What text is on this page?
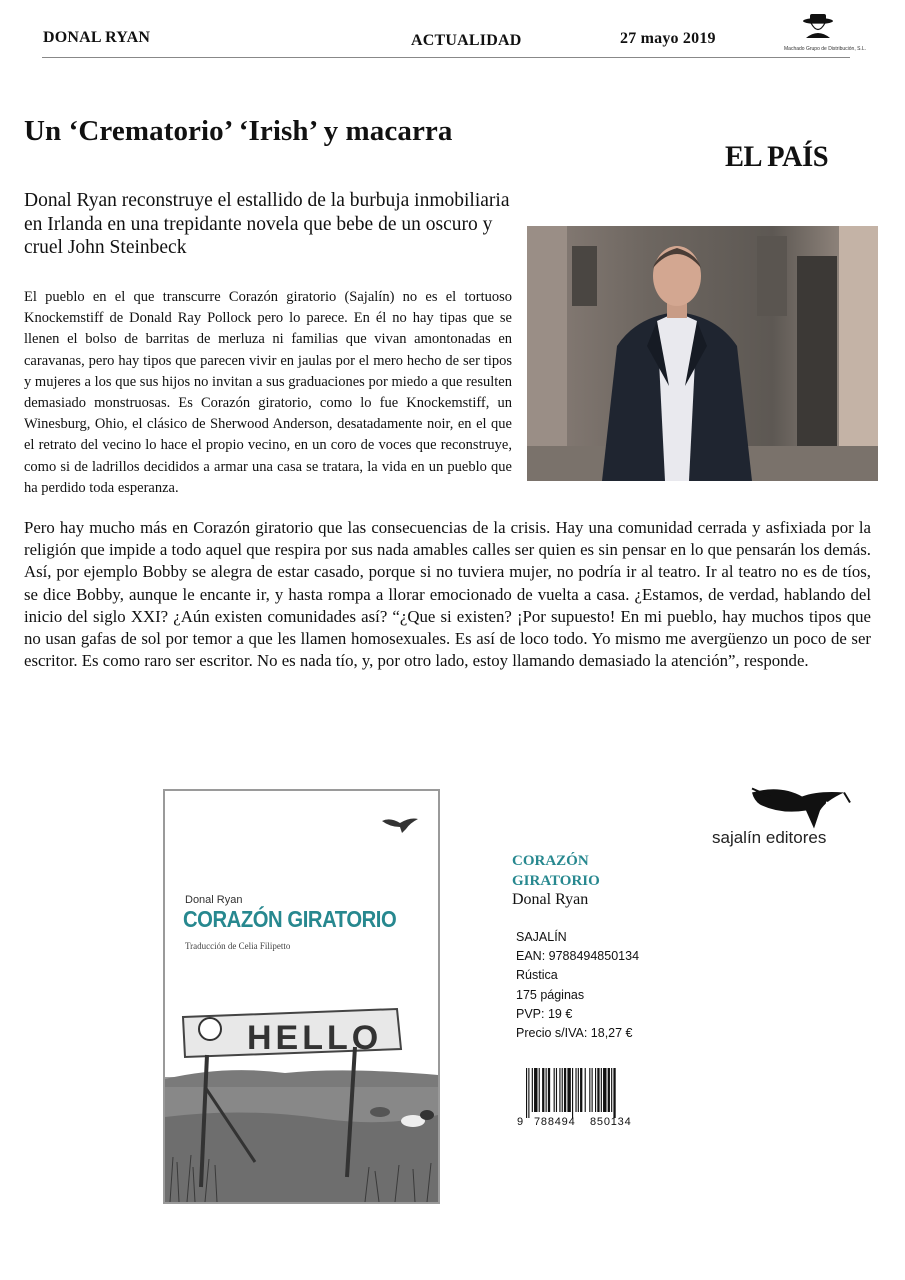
DONAL RYAN	ACTUALIDAD	27 mayo 2019
Machado Grupo de Distribución, S.L.
Un ‘Crematorio’ ‘Irish’ y macarra
EL PAÍS
Donal Ryan reconstruye el estallido de la burbuja inmobiliaria en Irlanda en una trepidante novela que bebe de un oscuro y cruel John Steinbeck
El pueblo en el que transcurre Corazón giratorio (Sajalín) no es el tortuoso Knockemstiff de Donald Ray Pollock pero lo parece. En él no hay tipas que se llenen el bolso de barritas de merluza ni familias que vivan amontonadas en caravanas, pero hay tipos que parecen vivir en jaulas por el mero hecho de ser tipos y mujeres a los que sus hijos no invitan a sus graduaciones por miedo a que resulten demasiado monstruosas. Es Corazón giratorio, como lo fue Knockemstiff, un Winesburg, Ohio, el clásico de Sherwood Anderson, desatadamente noir, en el que el retrato del vecino lo hace el propio vecino, en un coro de voces que reconstruye, como si de ladrillos decididos a armar una casa se tratara, la vida en un pueblo que ha perdido toda esperanza.
Pero hay mucho más en Corazón giratorio que las consecuencias de la crisis. Hay una comunidad cerrada y asfixiada por la religión que impide a todo aquel que respira por sus nada amables calles ser quien es sin pensar en lo que pensarán los demás. Así, por ejemplo Bobby se alegra de estar casado, porque si no tuviera mujer, no podría ir al teatro. Ir al teatro no es de tíos, se dice Bobby, aunque le encante ir, y hasta rompa a llorar emocionado de vuelta a casa. ¿Estamos, de verdad, hablando del inicio del siglo XXI? ¿Aún existen comunidades así? “¿Que si existen? ¡Por supuesto! En mi pueblo, hay muchos tipos que no usan gafas de sol por temor a que les llamen homosexuales. Es así de loco todo. Yo mismo me avergüenzo un poco de ser escritor. Es como raro ser escritor. No es nada tío, y, por otro lado, estoy llamando demasiado la atención”, responde.
Donal Ryan
CORAZÓN GIRATORIO
Traducción de Celia Filipetto
HELLO
sajalín editores
CORAZÓN
GIRATORIO
Donal Ryan
SAJALÍN
EAN: 9788494850134
Rústica
175 páginas
PVP: 19 €
Precio s/IVA: 18,27 €
9 788494 850134
